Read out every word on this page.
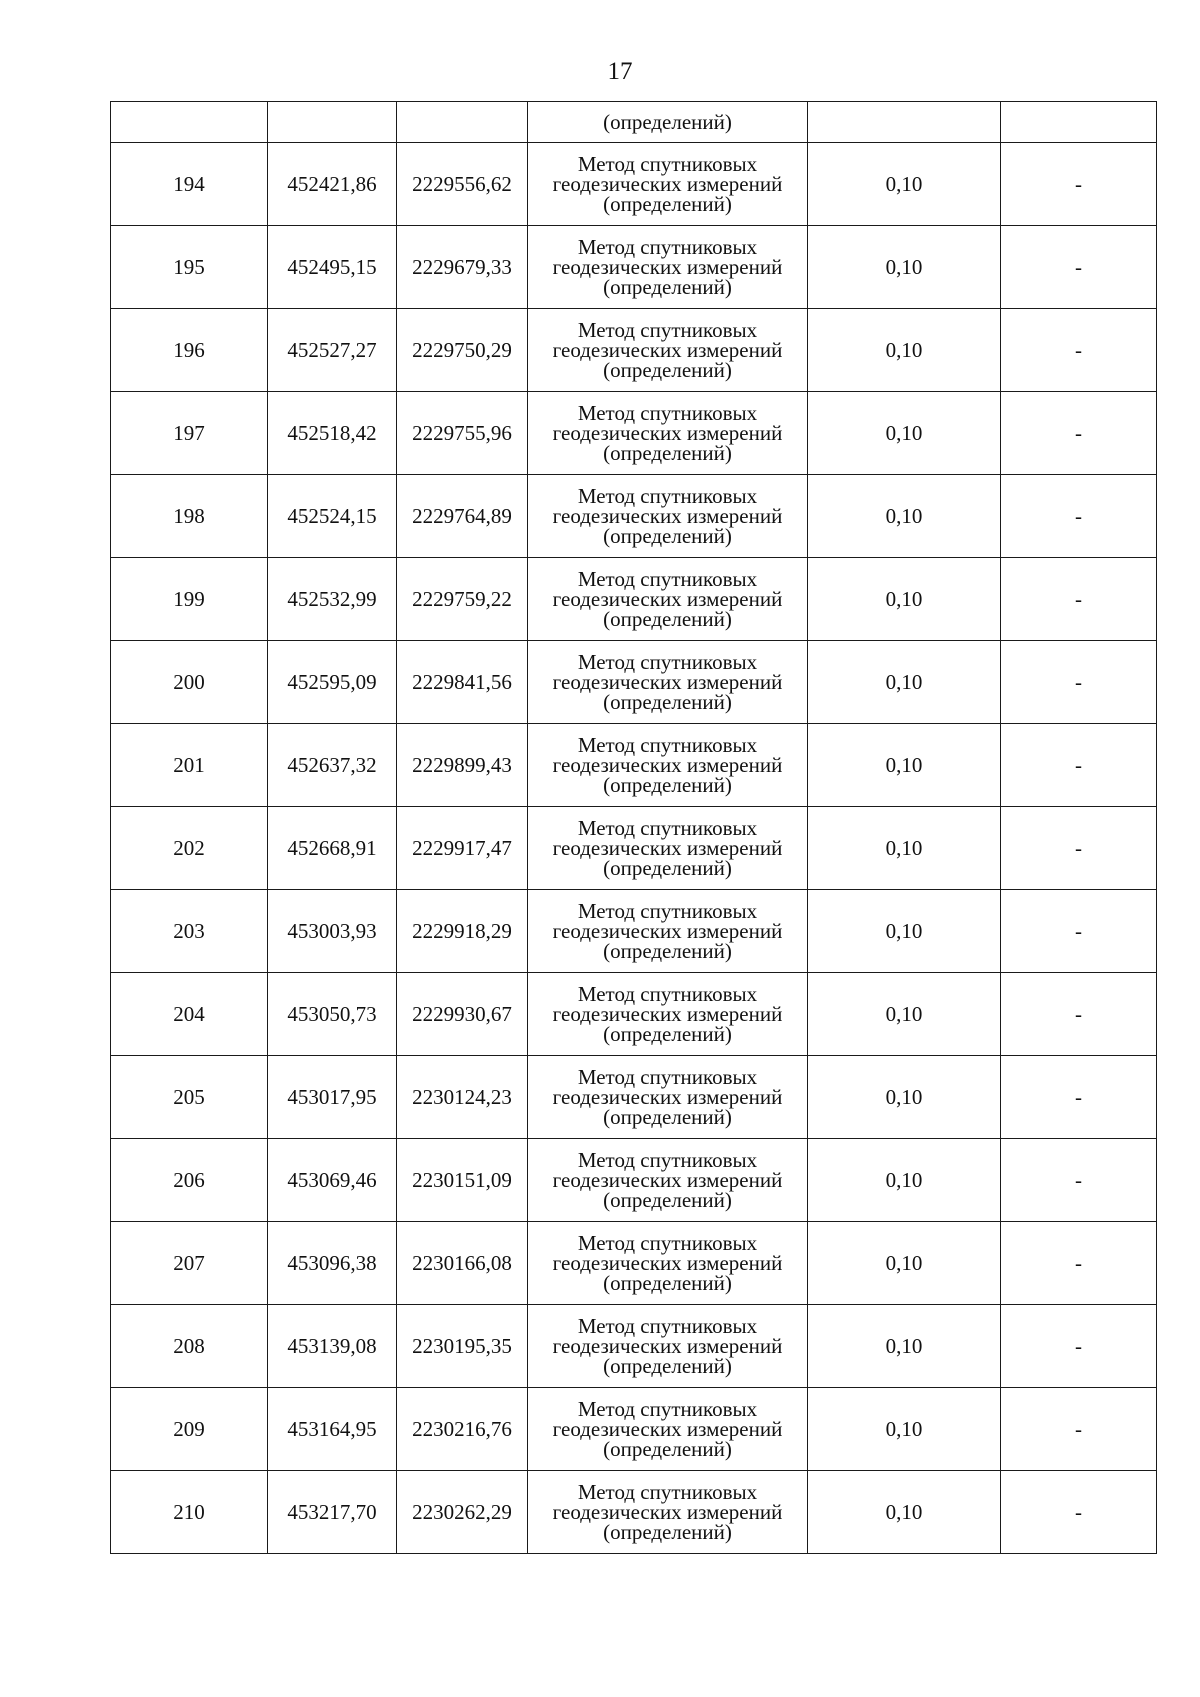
17
			(определений)		
194	452421,86	2229556,62	Метод спутниковых
геодезических измерений
(определений)	0,10	-
195	452495,15	2229679,33	Метод спутниковых
геодезических измерений
(определений)	0,10	-
196	452527,27	2229750,29	Метод спутниковых
геодезических измерений
(определений)	0,10	-
197	452518,42	2229755,96	Метод спутниковых
геодезических измерений
(определений)	0,10	-
198	452524,15	2229764,89	Метод спутниковых
геодезических измерений
(определений)	0,10	-
199	452532,99	2229759,22	Метод спутниковых
геодезических измерений
(определений)	0,10	-
200	452595,09	2229841,56	Метод спутниковых
геодезических измерений
(определений)	0,10	-
201	452637,32	2229899,43	Метод спутниковых
геодезических измерений
(определений)	0,10	-
202	452668,91	2229917,47	Метод спутниковых
геодезических измерений
(определений)	0,10	-
203	453003,93	2229918,29	Метод спутниковых
геодезических измерений
(определений)	0,10	-
204	453050,73	2229930,67	Метод спутниковых
геодезических измерений
(определений)	0,10	-
205	453017,95	2230124,23	Метод спутниковых
геодезических измерений
(определений)	0,10	-
206	453069,46	2230151,09	Метод спутниковых
геодезических измерений
(определений)	0,10	-
207	453096,38	2230166,08	Метод спутниковых
геодезических измерений
(определений)	0,10	-
208	453139,08	2230195,35	Метод спутниковых
геодезических измерений
(определений)	0,10	-
209	453164,95	2230216,76	Метод спутниковых
геодезических измерений
(определений)	0,10	-
210	453217,70	2230262,29	Метод спутниковых
геодезических измерений
(определений)	0,10	-
